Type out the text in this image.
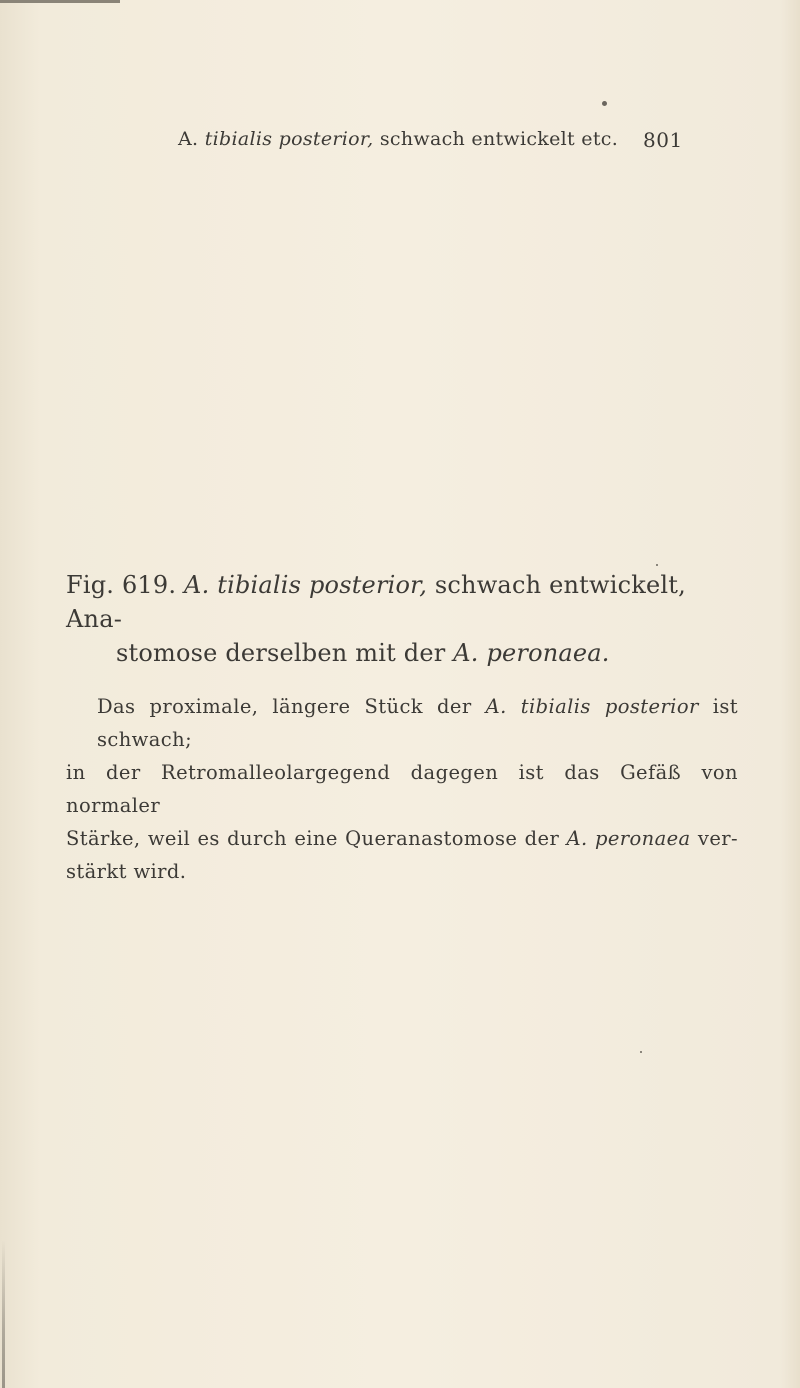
A. tibialis posterior, schwach entwickelt etc. 801
Fig. 619. A. tibialis posterior, schwach entwickelt, Ana-
stomose derselben mit der A. peronaea.
Das proximale, längere Stück der A. tibialis posterior ist schwach;
in der Retromalleolargegend dagegen ist das Gefäß von normaler
Stärke, weil es durch eine Queranastomose der A. peronaea ver-
stärkt wird.
